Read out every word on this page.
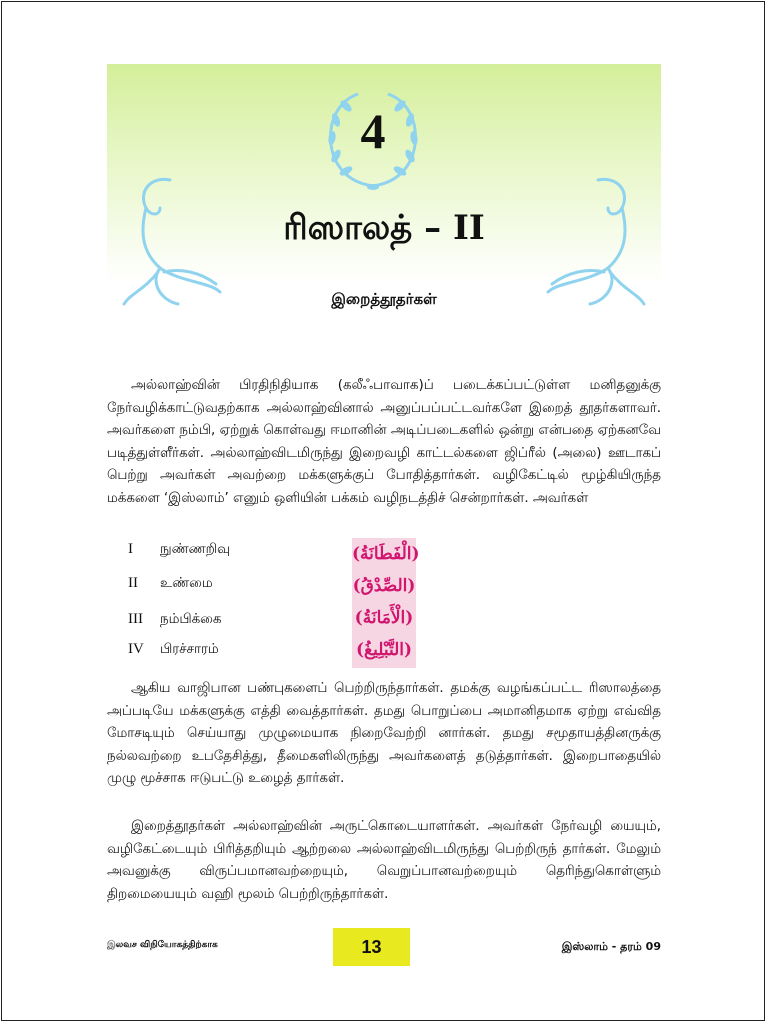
4
ரிஸாலத் – II
இறைத்தூதர்கள்

அல்லாஹ்வின் பிரதிநிதியாக (கலீஃபாவாக)ப் படைக்கப்பட்டுள்ள மனிதனுக்கு நேர்வழிக்காட்டுவதற்காக அல்லாஹ்வினால் அனுப்பப்பட்டவர்களே இறைத் தூதர்களாவர். அவர்களை நம்பி, ஏற்றுக் கொள்வது ஈமானின் அடிப்படைகளில் ஒன்று என்பதை ஏற்கனவே படித்துள்ளீர்கள். அல்லாஹ்விடமிருந்து இறைவழி காட்டல்களை ஜிப்ரீல் (அலை) ஊடாகப் பெற்று அவர்கள் அவற்றை மக்களுக்குப் போதித்தார்கள். வழிகேட்டில் மூழ்கியிருந்த மக்களை ‘இஸ்லாம்’ எனும் ஒளியின் பக்கம் வழிநடத்திச் சென்றார்கள். அவர்கள்

I நுண்ணறிவு
II உண்மை
III நம்பிக்கை
IV பிரச்சாரம்
(الْفَطَانَةُ)
(الصِّدْقُ)
(الْأَمَانَةُ)
(التَّبْلِيغُ)

ஆகிய வாஜிபான பண்புகளைப் பெற்றிருந்தார்கள். தமக்கு வழங்கப்பட்ட ரிஸாலத்தை அப்படியே மக்களுக்கு எத்தி வைத்தார்கள். தமது பொறுப்பை அமானிதமாக ஏற்று எவ்வித மோசடியும் செய்யாது முழுமையாக நிறைவேற்றி னார்கள். தமது சமூதாயத்தினருக்கு நல்லவற்றை உபதேசித்து, தீமைகளிலிருந்து அவர்களைத் தடுத்தார்கள். இறைபாதையில் முழு மூச்சாக ஈடுபட்டு உழைத் தார்கள்.

இறைத்தூதர்கள் அல்லாஹ்வின் அருட்கொடையாளர்கள். அவர்கள் நேர்வழி யையும், வழிகேட்டையும் பிரித்தறியும் ஆற்றலை அல்லாஹ்விடமிருந்து பெற்றிருந் தார்கள். மேலும் அவனுக்கு விருப்பமானவற்றையும், வெறுப்பானவற்றையும் தெரிந்துகொள்ளும் திறமையையும் வஹி மூலம் பெற்றிருந்தார்கள்.

இலவச விநியோகத்திற்காக	13	இஸ்லாம் - தரம் 09
